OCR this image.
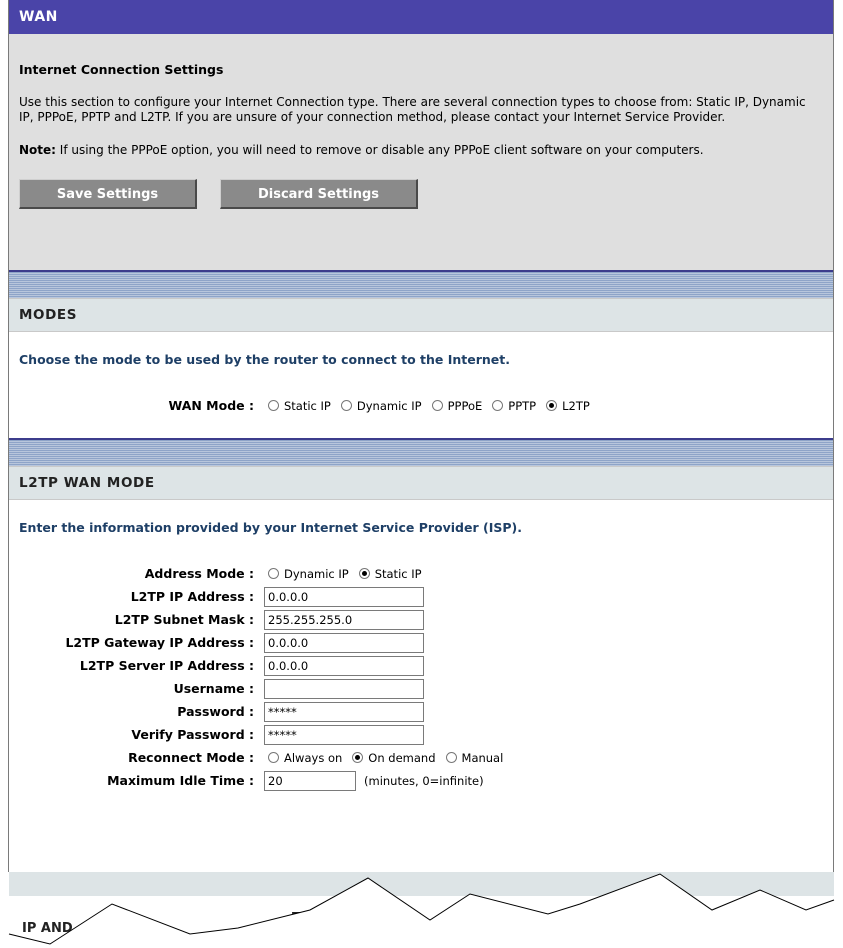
WAN
Internet Connection Settings
Use this section to configure your Internet Connection type. There are several connection types to choose from: Static IP, Dynamic IP, PPPoE, PPTP and L2TP. If you are unsure of your connection method, please contact your Internet Service Provider.
Note: If using the PPPoE option, you will need to remove or disable any PPPoE client software on your computers.
Save Settings	Discard Settings
MODES
Choose the mode to be used by the router to connect to the Internet.
WAN Mode :	Static IP Dynamic IP PPPoE PPTP L2TP
L2TP WAN MODE
Enter the information provided by your Internet Service Provider (ISP).
Address Mode :	Dynamic IP Static IP
L2TP IP Address :
0.0.0.0
L2TP Subnet Mask :
255.255.255.0
L2TP Gateway IP Address :
0.0.0.0
L2TP Server IP Address :
0.0.0.0
Username :
Password :
*****
Verify Password :
*****
Reconnect Mode :	Always on On demand Manual
Maximum Idle Time :
20	(minutes, 0=infinite)
IP AND
